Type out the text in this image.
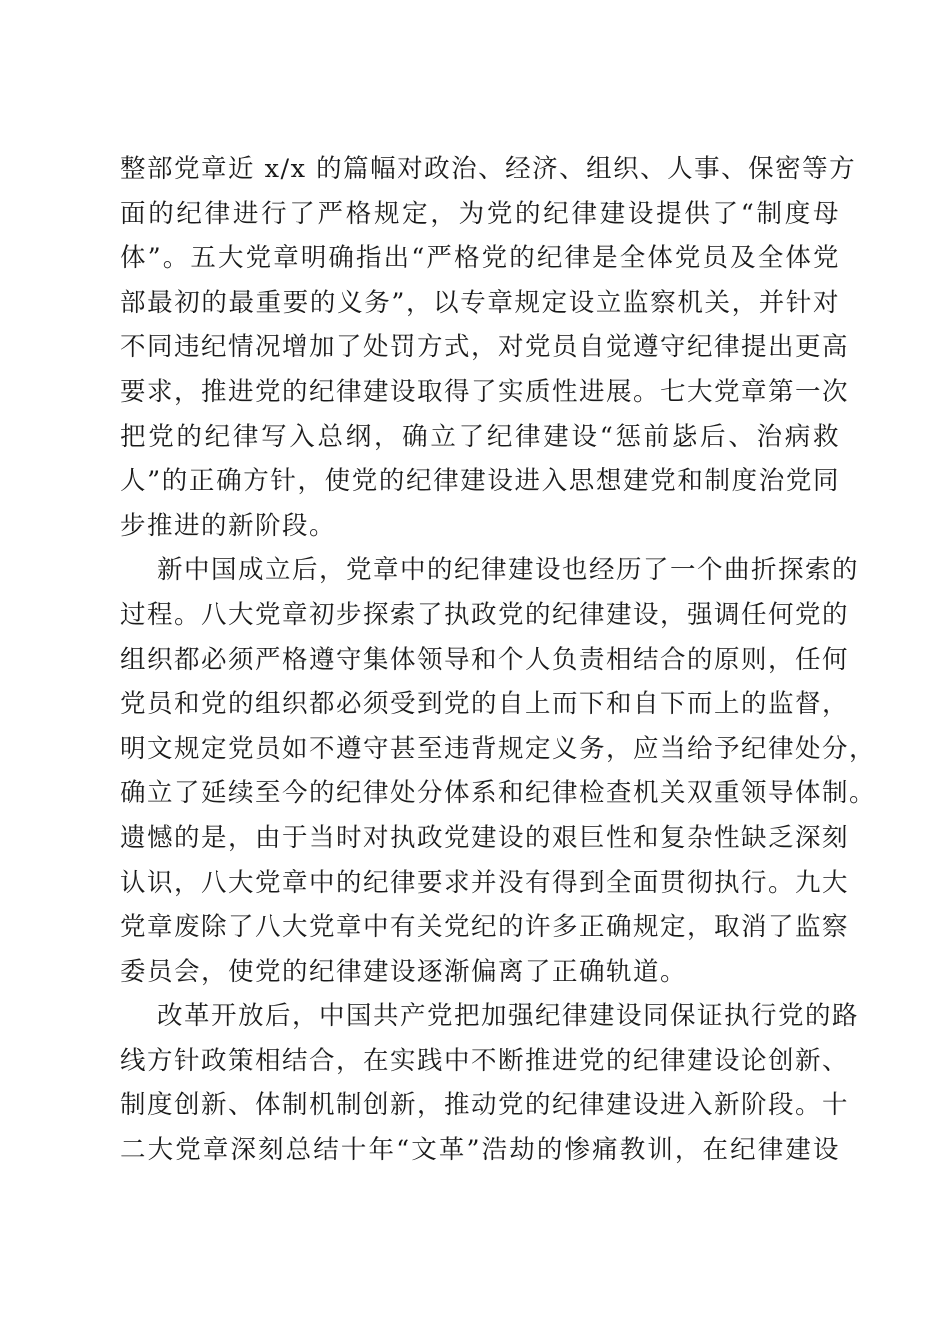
整部党章近 x/x 的篇幅对政治、经济、组织、人事、保密等方
面的纪律进行了严格规定，为党的纪律建设提供了“制度母
体”。五大党章明确指出“严格党的纪律是全体党员及全体党
部最初的最重要的义务”，以专章规定设立监察机关，并针对
不同违纪情况增加了处罚方式，对党员自觉遵守纪律提出更高
要求，推进党的纪律建设取得了实质性进展。七大党章第一次
把党的纪律写入总纲，确立了纪律建设“惩前毖后、治病救
人”的正确方针，使党的纪律建设进入思想建党和制度治党同
步推进的新阶段。
新中国成立后，党章中的纪律建设也经历了一个曲折探索的
过程。八大党章初步探索了执政党的纪律建设，强调任何党的
组织都必须严格遵守集体领导和个人负责相结合的原则，任何
党员和党的组织都必须受到党的自上而下和自下而上的监督，
明文规定党员如不遵守甚至违背规定义务，应当给予纪律处分，
确立了延续至今的纪律处分体系和纪律检查机关双重领导体制。
遗憾的是，由于当时对执政党建设的艰巨性和复杂性缺乏深刻
认识，八大党章中的纪律要求并没有得到全面贯彻执行。九大
党章废除了八大党章中有关党纪的许多正确规定，取消了监察
委员会，使党的纪律建设逐渐偏离了正确轨道。
改革开放后，中国共产党把加强纪律建设同保证执行党的路
线方针政策相结合，在实践中不断推进党的纪律建设论创新、
制度创新、体制机制创新，推动党的纪律建设进入新阶段。十
二大党章深刻总结十年“文革”浩劫的惨痛教训，在纪律建设
